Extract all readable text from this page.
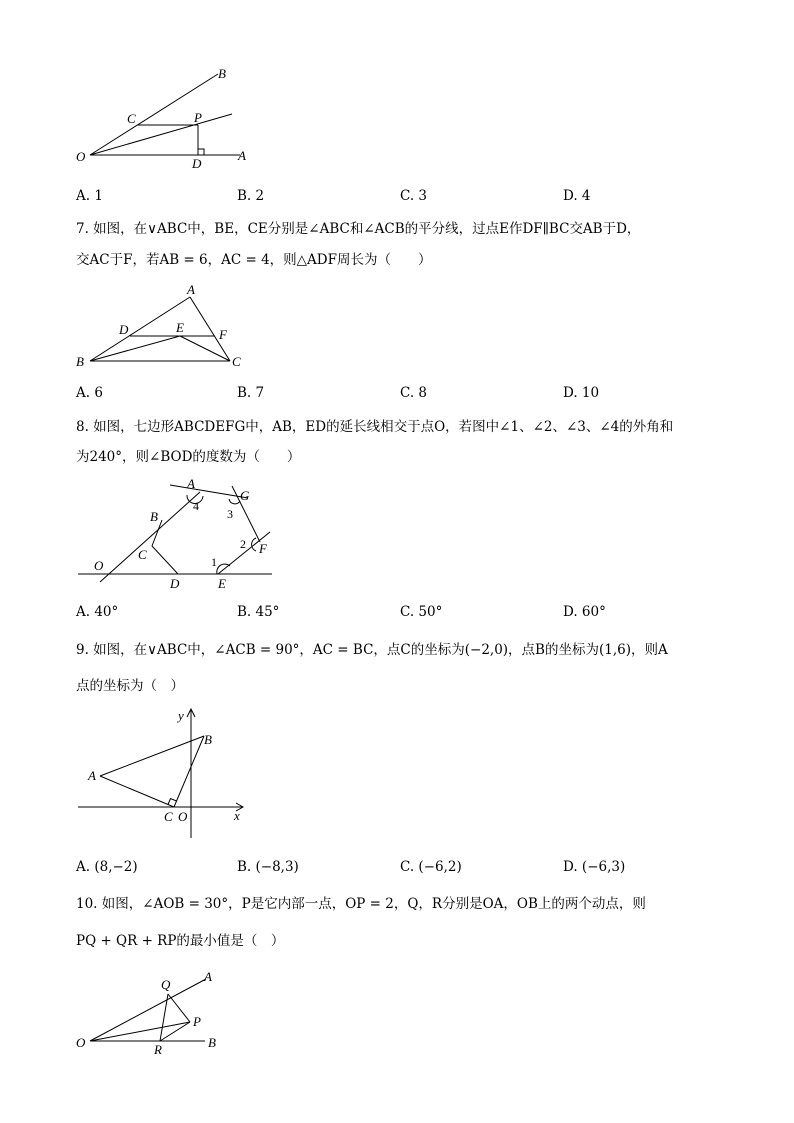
B
C	P
O	D
A
A. 1	B. 2	C. 3	D. 4
7. 如图，在∨ABC中，BE，CE分别是∠ABC和∠ACB的平分线，过点E作DF∥BC交AB于D，
交AC于F，若AB = 6，AC = 4，则△ADF周长为（　　）
A
D	E	F
B	C
A. 6	B. 7	C. 8	D. 10
8. 如图，七边形ABCDEFG中，AB，ED的延长线相交于点O，若图中∠1、∠2、∠3、∠4的外角和
为240°，则∠BOD的度数为（　　）
A
G
4
3
B
2 F
C	1
O
D	E
A. 40°	B. 45°	C. 50°	D. 60°
9. 如图，在∨ABC中，∠ACB = 90°，AC = BC，点C的坐标为(−2,0)，点B的坐标为(1,6)，则A
点的坐标为（　）
y
B
A
C O	x
A. (8,−2)	B. (−8,3)	C. (−6,2)	D. (−6,3)
10. 如图，∠AOB = 30°，P是它内部一点，OP = 2，Q，R分别是OA，OB上的两个动点，则
PQ + QR + RP的最小值是（　）
Q
A
P
O	R	B
